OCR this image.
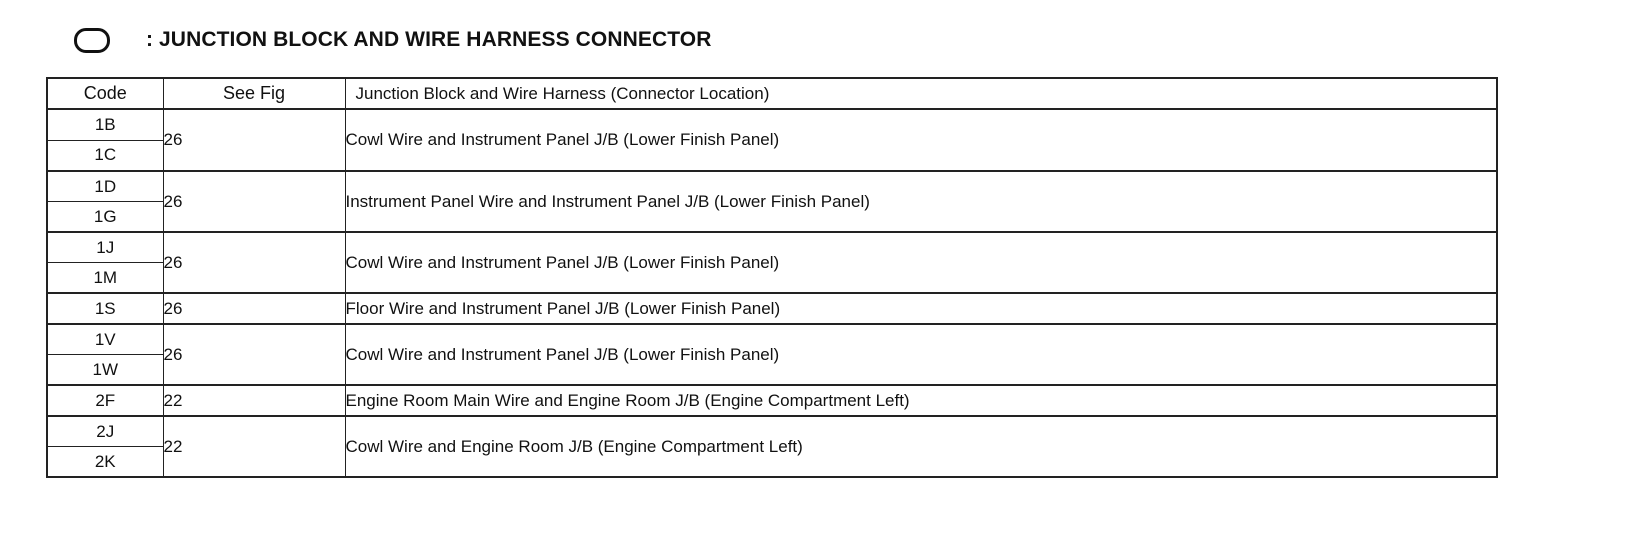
: JUNCTION BLOCK AND WIRE HARNESS CONNECTOR
Code	See Fig	Junction Block and Wire Harness (Connector Location)
1B	26	Cowl Wire and Instrument Panel J/B (Lower Finish Panel)
1C		
1D	26	Instrument Panel Wire and Instrument Panel J/B (Lower Finish Panel)
1G		
1J	26	Cowl Wire and Instrument Panel J/B (Lower Finish Panel)
1M		
1S	26	Floor Wire and Instrument Panel J/B (Lower Finish Panel)
1V	26	Cowl Wire and Instrument Panel J/B (Lower Finish Panel)
1W		
2F	22	Engine Room Main Wire and Engine Room J/B (Engine Compartment Left)
2J	22	Cowl Wire and Engine Room J/B (Engine Compartment Left)
2K		
